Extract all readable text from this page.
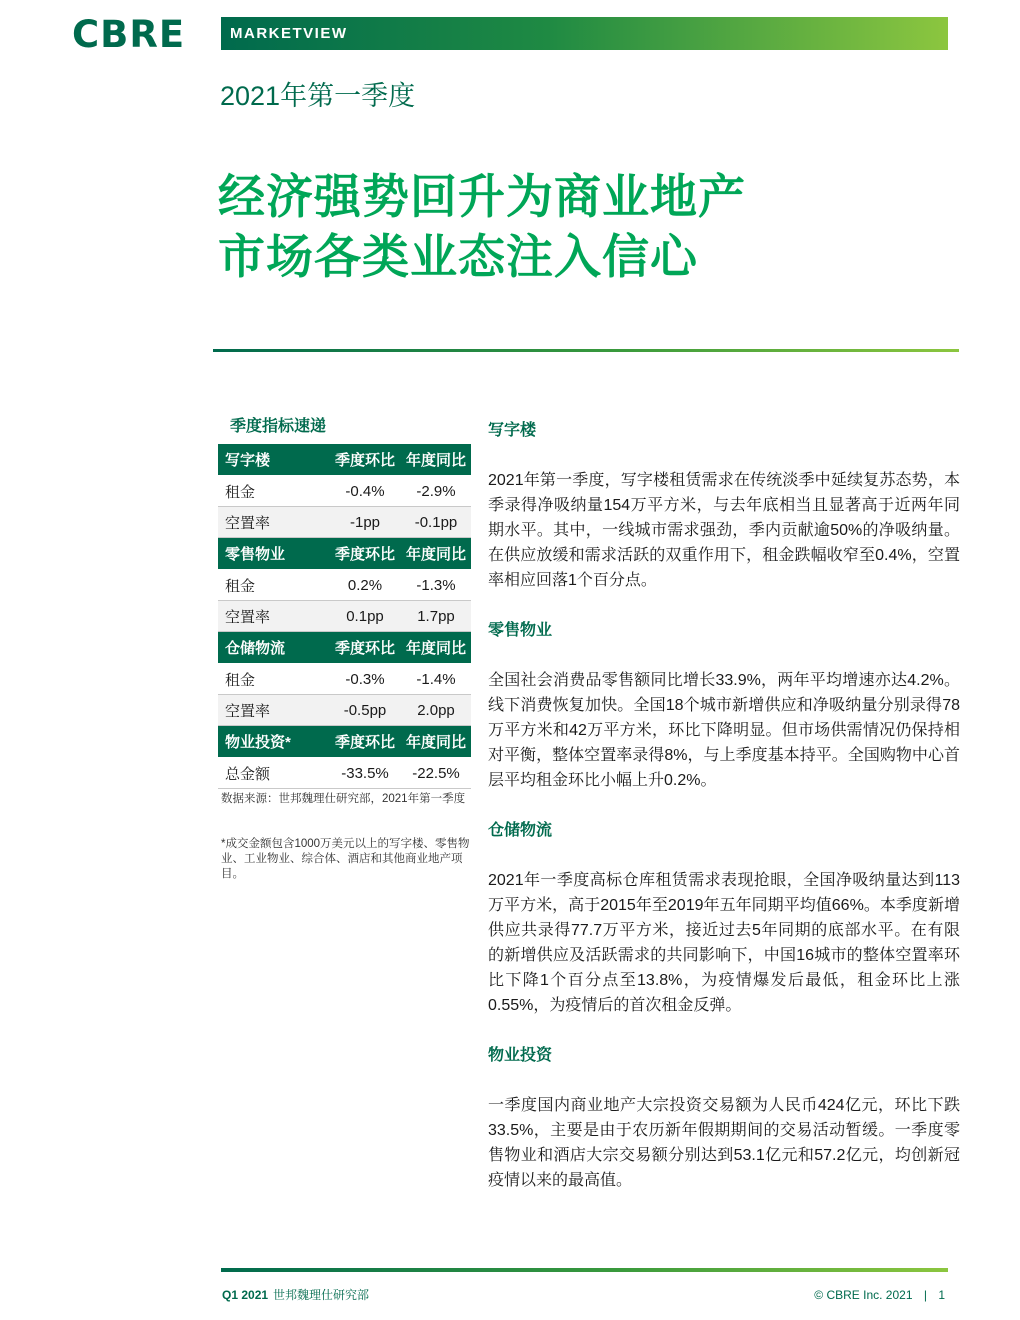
CBRE	MARKETVIEW
2021年第一季度
经济强势回升为商业地产
市场各类业态注入信心
季度指标速递
写字楼	季度环比	年度同比
租金	-0.4%	-2.9%
空置率	-1pp	-0.1pp
零售物业	季度环比	年度同比
租金	0.2%	-1.3%
空置率	0.1pp	1.7pp
仓储物流	季度环比	年度同比
租金	-0.3%	-1.4%
空置率	-0.5pp	2.0pp
物业投资*	季度环比	年度同比
总金额	-33.5%	-22.5%
数据来源：世邦魏理仕研究部，2021年第一季度
*成交金额包含1000万美元以上的写字楼、零售物业、工业物业、综合体、酒店和其他商业地产项目。
写字楼
2021年第一季度，写字楼租赁需求在传统淡季中延续复苏态势，本季录得净吸纳量154万平方米，与去年底相当且显著高于近两年同期水平。其中，一线城市需求强劲，季内贡献逾50%的净吸纳量。在供应放缓和需求活跃的双重作用下，租金跌幅收窄至0.4%，空置率相应回落1个百分点。
零售物业
全国社会消费品零售额同比增长33.9%，两年平均增速亦达4.2%。线下消费恢复加快。全国18个城市新增供应和净吸纳量分别录得78万平方米和42万平方米，环比下降明显。但市场供需情况仍保持相对平衡，整体空置率录得8%，与上季度基本持平。全国购物中心首层平均租金环比小幅上升0.2%。
仓储物流
2021年一季度高标仓库租赁需求表现抢眼，全国净吸纳量达到113万平方米，高于2015年至2019年五年同期平均值66%。本季度新增供应共录得77.7万平方米，接近过去5年同期的底部水平。在有限的新增供应及活跃需求的共同影响下，中国16城市的整体空置率环比下降1个百分点至13.8%，为疫情爆发后最低，租金环比上涨0.55%，为疫情后的首次租金反弹。
物业投资
一季度国内商业地产大宗投资交易额为人民币424亿元，环比下跌33.5%，主要是由于农历新年假期期间的交易活动暂缓。一季度零售物业和酒店大宗交易额分别达到53.1亿元和57.2亿元，均创新冠疫情以来的最高值。
Q1 2021 世邦魏理仕研究部	© CBRE Inc. 2021 | 1
